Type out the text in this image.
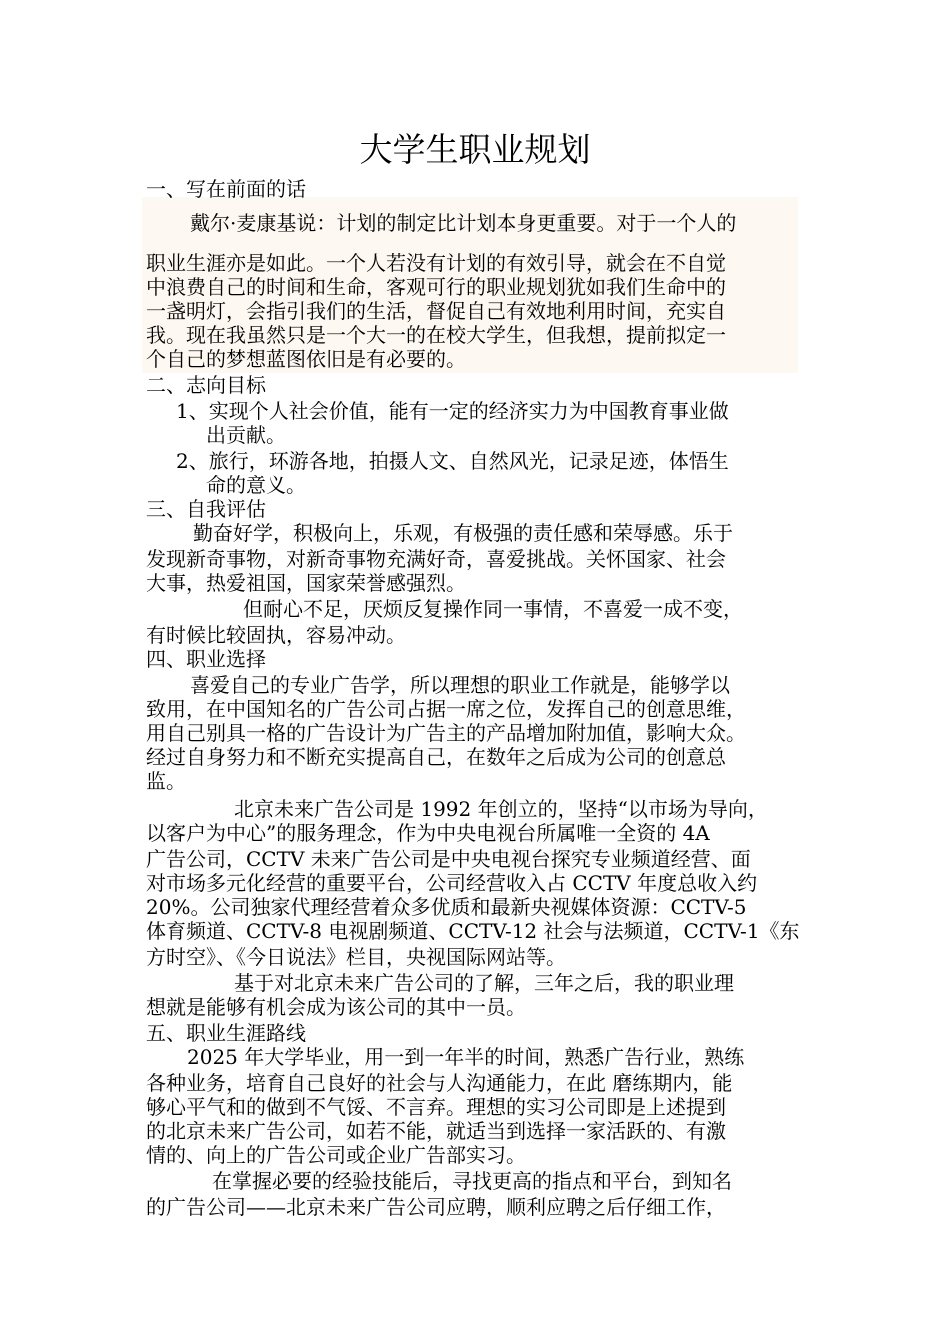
大学生职业规划
一、写在前面的话
戴尔·麦康基说：计划的制定比计划本身更重要。对于一个人的
职业生涯亦是如此。一个人若没有计划的有效引导，就会在不自觉
中浪费自己的时间和生命，客观可行的职业规划犹如我们生命中的
一盏明灯，会指引我们的生活，督促自己有效地利用时间，充实自
我。现在我虽然只是一个大一的在校大学生，但我想，提前拟定一
个自己的梦想蓝图依旧是有必要的。
二、志向目标
1、实现个人社会价值，能有一定的经济实力为中国教育事业做
出贡献。
2、旅行，环游各地，拍摄人文、自然风光，记录足迹，体悟生
命的意义。
三、自我评估
勤奋好学，积极向上，乐观，有极强的责任感和荣辱感。乐于
发现新奇事物，对新奇事物充满好奇，喜爱挑战。关怀国家、社会
大事，热爱祖国，国家荣誉感强烈。
但耐心不足，厌烦反复操作同一事情，不喜爱一成不变，
有时候比较固执，容易冲动。
四、职业选择
喜爱自己的专业广告学，所以理想的职业工作就是，能够学以
致用，在中国知名的广告公司占据一席之位，发挥自己的创意思维，
用自己别具一格的广告设计为广告主的产品增加附加值，影响大众。
经过自身努力和不断充实提高自己，在数年之后成为公司的创意总
监。
北京未来广告公司是 1992 年创立的，坚持“以市场为导向，
以客户为中心”的服务理念，作为中央电视台所属唯一全资的 4A
广告公司，CCTV 未来广告公司是中央电视台探究专业频道经营、面
对市场多元化经营的重要平台，公司经营收入占 CCTV 年度总收入约
20%。公司独家代理经营着众多优质和最新央视媒体资源：CCTV-5
体育频道、CCTV-8 电视剧频道、CCTV-12 社会与法频道，CCTV-1《东
方时空》、《今日说法》栏目，央视国际网站等。
基于对北京未来广告公司的了解，三年之后，我的职业理
想就是能够有机会成为该公司的其中一员。
五、职业生涯路线
2025 年大学毕业，用一到一年半的时间，熟悉广告行业，熟练
各种业务，培育自己良好的社会与人沟通能力，在此 磨练期内，能
够心平气和的做到不气馁、不言弃。理想的实习公司即是上述提到
的北京未来广告公司，如若不能，就适当到选择一家活跃的、有激
情的、向上的广告公司或企业广告部实习。
在掌握必要的经验技能后，寻找更高的指点和平台，到知名
的广告公司——北京未来广告公司应聘，顺利应聘之后仔细工作，
